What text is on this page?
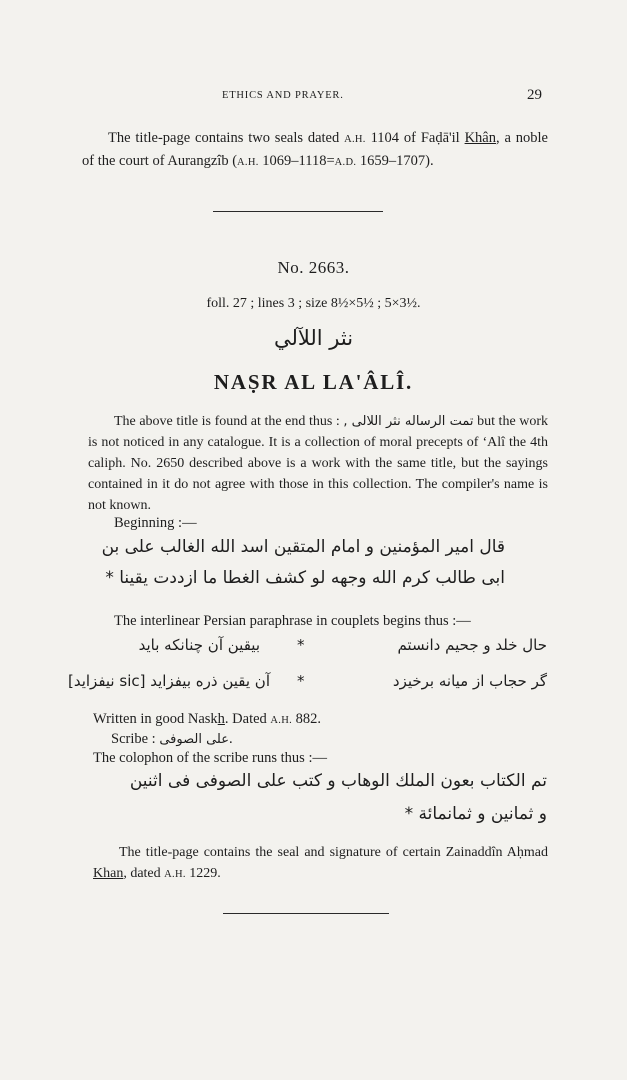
ETHICS AND PRAYER.	29

The title-page contains two seals dated A.H. 1104 of Faḍā'il Khân, a noble of the court of Aurangzîb (A.H. 1069–1118=A.D. 1659–1707).

No. 2663.
foll. 27 ; lines 3 ; size 8½×5½ ; 5×3½.
نثر اللآلي
NAṢR AL LA'ÂLÎ.

The above title is found at the end thus : تمت الرساله نثر اللالى , but the work is not noticed in any catalogue. It is a collection of moral precepts of ‘Alî the 4th caliph. No. 2650 described above is a work with the same title, but the sayings contained in it do not agree with those in this collection. The compiler's name is not known.

Beginning :—
قال امير المؤمنين و امام المتقين اسد الله الغالب على بن
ابى طالب كرم الله وجهه لو كشف الغطا ما ازددت يقينا *
The interlinear Persian paraphrase in couplets begins thus :—
حال خلد و جحيم دانستم
*
بيقين آن چنانكه بايد
گر حجاب از ميانه برخيزد
*
آن يقين ذره بيفزايد [sic نيفزايد]
Written in good Naskh. Dated A.H. 882.
Scribe : على الصوفى.
The colophon of the scribe runs thus :—
تم الكتاب بعون الملك الوهاب و كتب على الصوفى فى اثنين
و ثمانين و ثمانمائة *

The title-page contains the seal and signature of certain Zainaddîn Aḥmad Khan, dated A.H. 1229.
